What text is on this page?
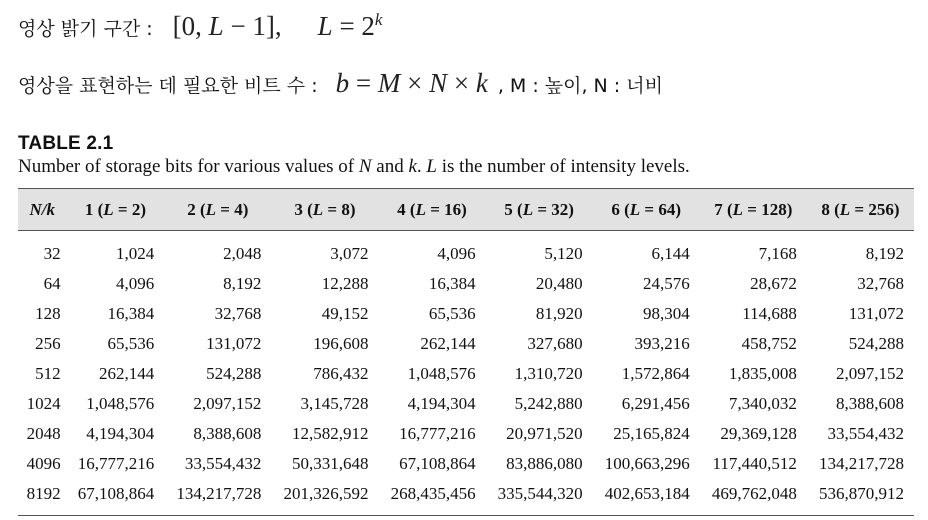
영상 밝기 구간 : [0, L − 1], $L = 2^k$
영상을 표현하는 데 필요한 비트 수 : b = M × N × k , M : 높이, N : 너비
TABLE 2.1
Number of storage bits for various values of N and k. L is the number of intensity levels.
N/k	1 (L = 2)	2 (L = 4)	3 (L = 8)	4 (L = 16)	5 (L = 32)	6 (L = 64)	7 (L = 128)	8 (L = 256)
32	1,024	2,048	3,072	4,096	5,120	6,144	7,168	8,192
64	4,096	8,192	12,288	16,384	20,480	24,576	28,672	32,768
128	16,384	32,768	49,152	65,536	81,920	98,304	114,688	131,072
256	65,536	131,072	196,608	262,144	327,680	393,216	458,752	524,288
512	262,144	524,288	786,432	1,048,576	1,310,720	1,572,864	1,835,008	2,097,152
1024	1,048,576	2,097,152	3,145,728	4,194,304	5,242,880	6,291,456	7,340,032	8,388,608
2048	4,194,304	8,388,608	12,582,912	16,777,216	20,971,520	25,165,824	29,369,128	33,554,432
4096	16,777,216	33,554,432	50,331,648	67,108,864	83,886,080	100,663,296	117,440,512	134,217,728
8192	67,108,864	134,217,728	201,326,592	268,435,456	335,544,320	402,653,184	469,762,048	536,870,912
